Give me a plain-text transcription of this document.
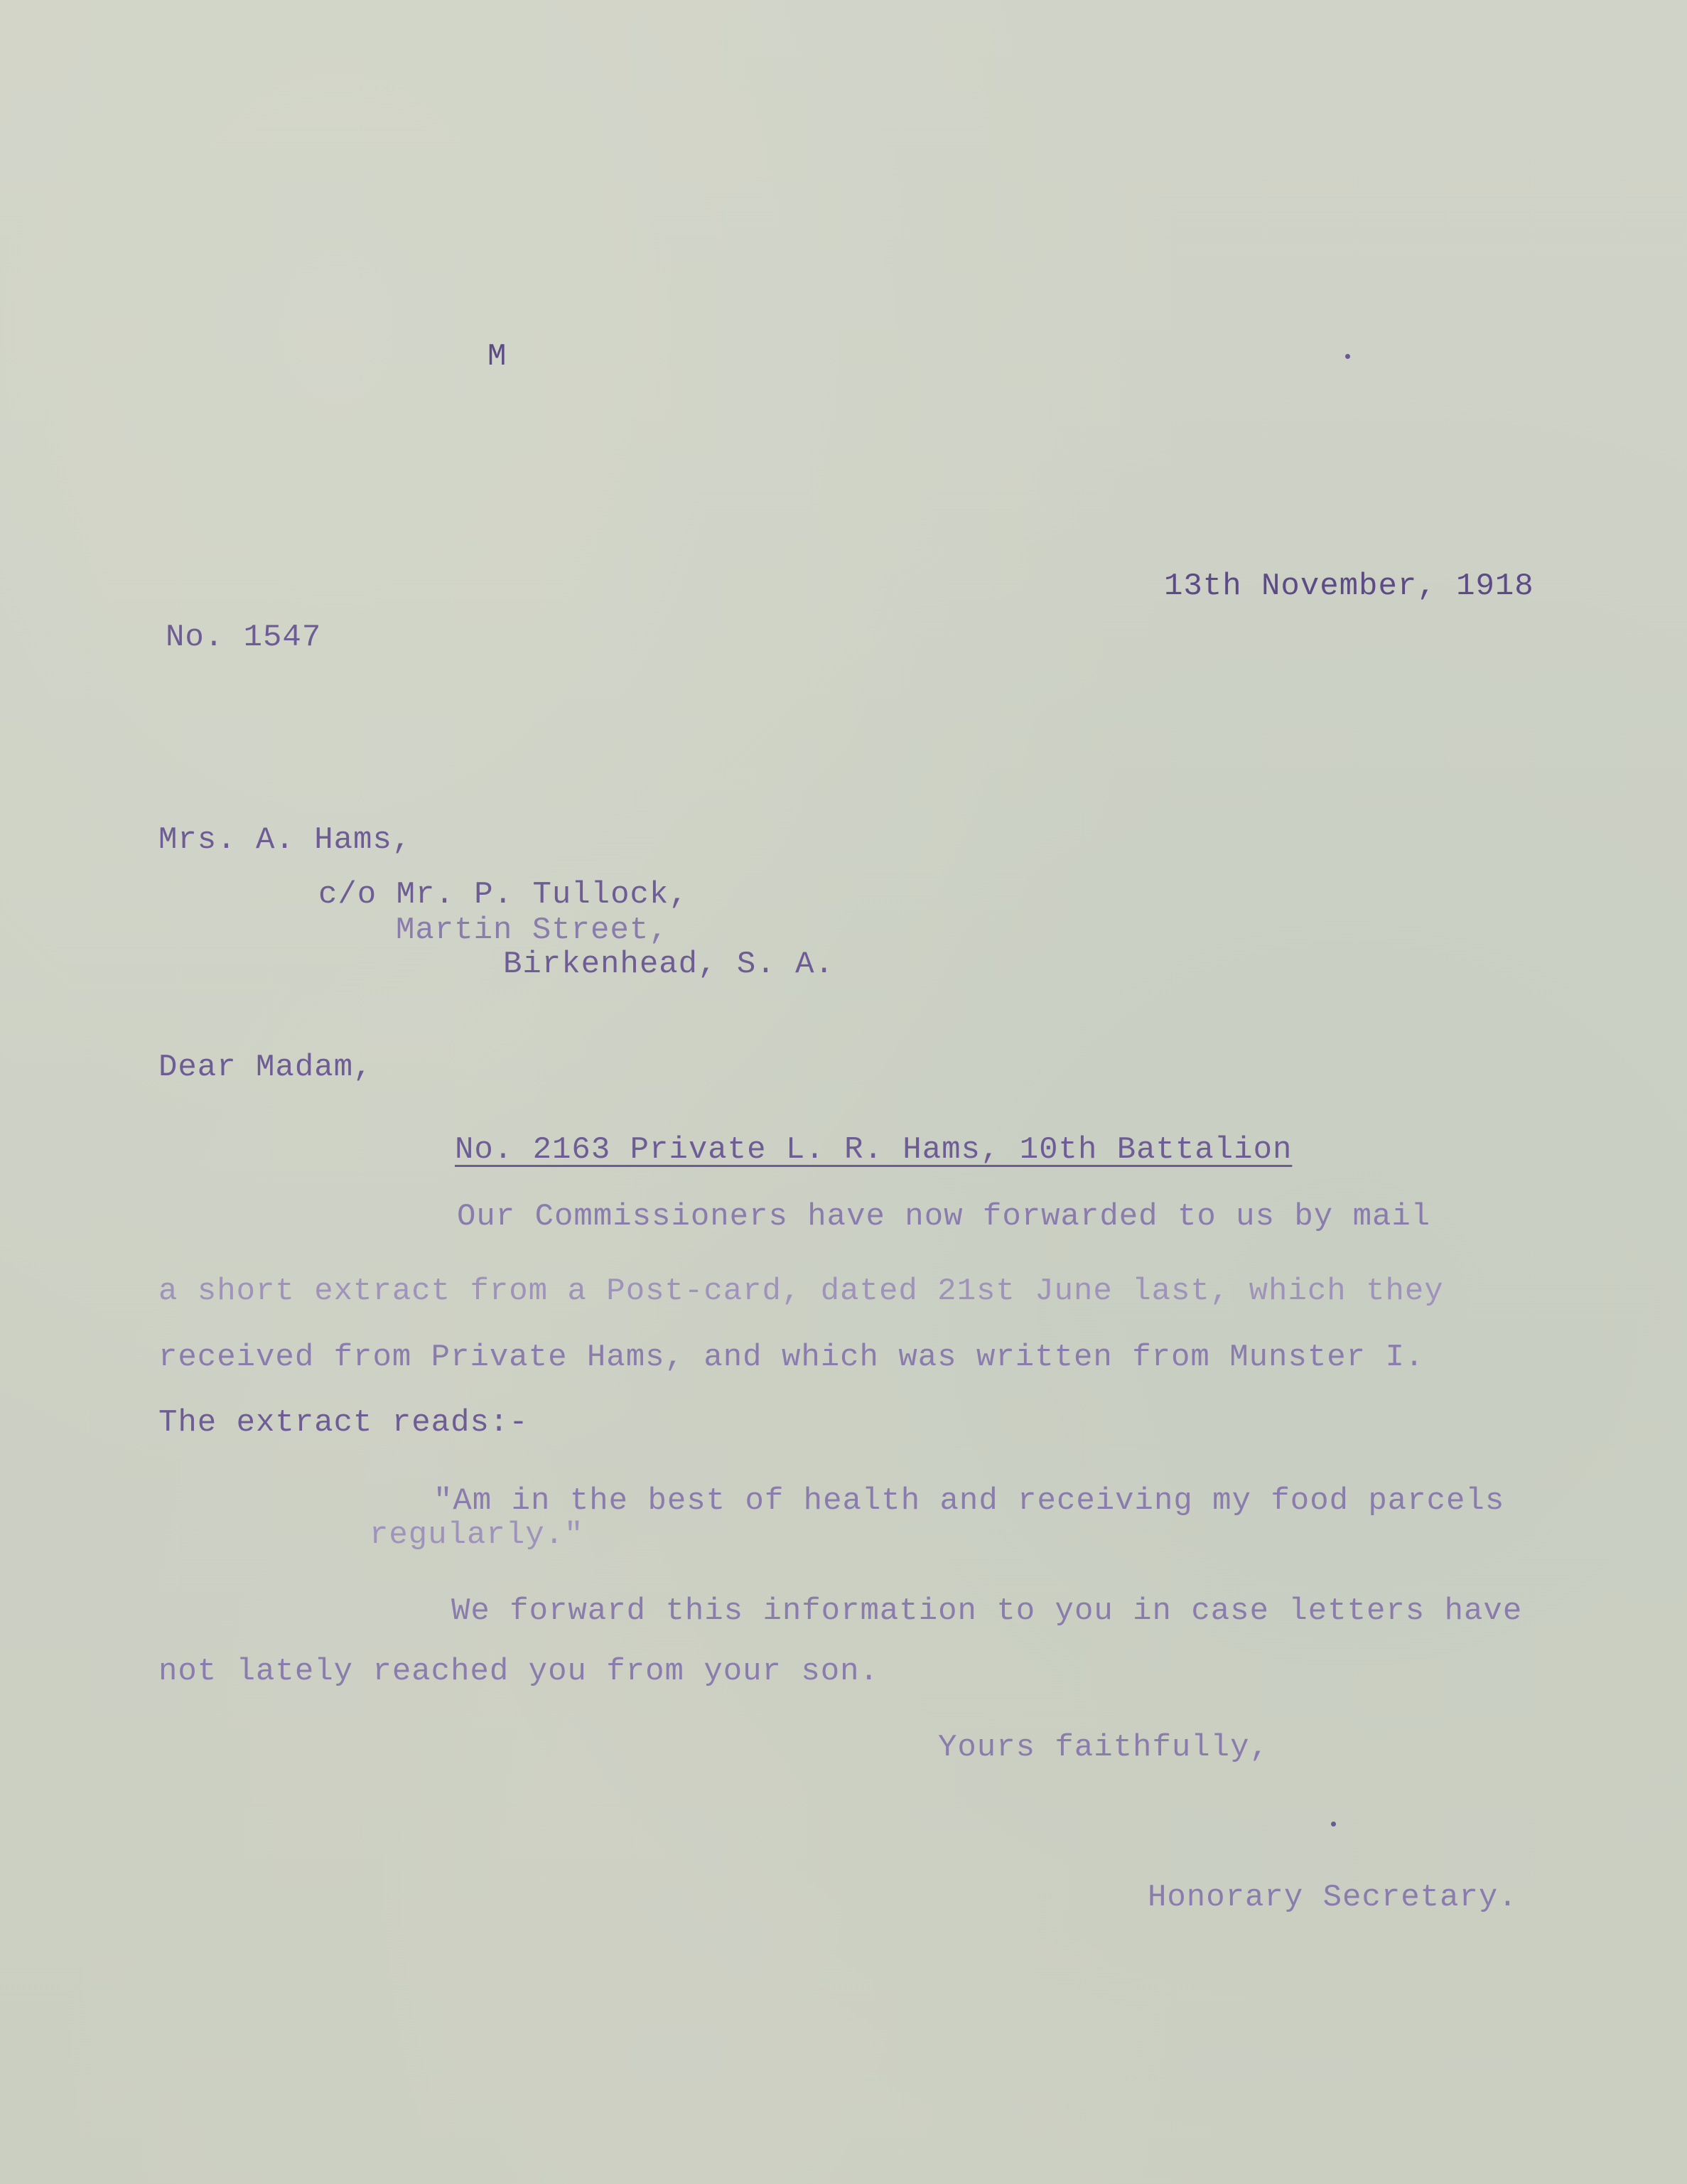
M
13th November, 1918
No. 1547
Mrs. A. Hams,
c/o Mr. P. Tullock,
Martin Street,
Birkenhead, S. A.
Dear Madam,
No. 2163 Private L. R. Hams, 10th Battalion
Our Commissioners have now forwarded to us by mail
a short extract from a Post-card, dated 21st June last, which they
received from Private Hams, and which was written from Munster I.
The extract reads:-
"Am in the best of health and receiving my food parcels
regularly."
We forward this information to you in case letters have
not lately reached you from your son.
Yours faithfully,
Honorary Secretary.
